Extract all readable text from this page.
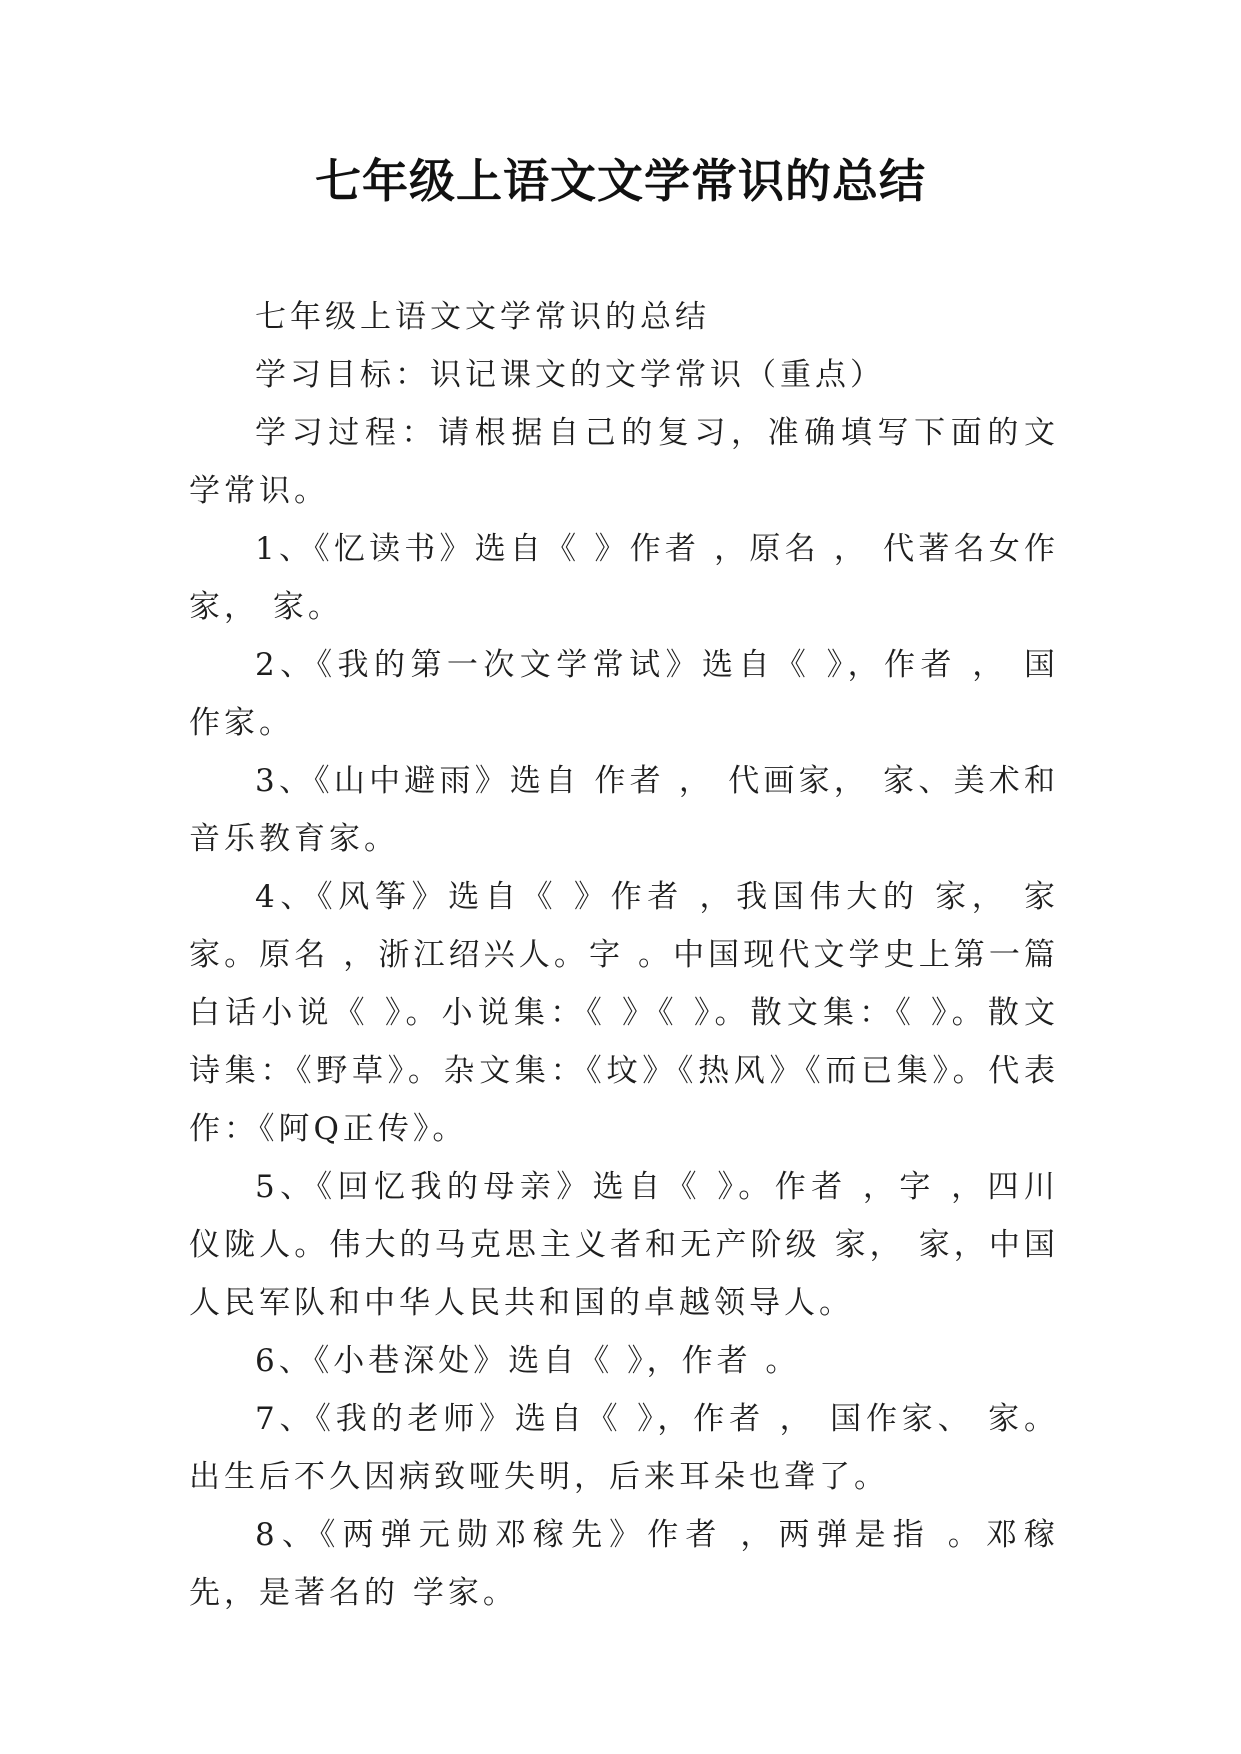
七年级上语文文学常识的总结

七年级上语文文学常识的总结

学习目标：识记课文的文学常识（重点）

学习过程：请根据自己的复习，准确填写下面的文学常识。

1、《忆读书》选自《 》作者 ，原名 ， 代著名女作家， 家。

2、《我的第一次文学常试》选自《 》，作者 ， 国作家。

3、《山中避雨》选自 作者 ， 代画家， 家、美术和音乐教育家。

4、《风筝》选自《 》作者 ，我国伟大的 家， 家 家。原名 ，浙江绍兴人。字 。中国现代文学史上第一篇白话小说《 》。小说集：《 》《 》。散文集：《 》。散文诗集：《野草》。杂文集：《坟》《热风》《而已集》。代表作：《阿Q正传》。

5、《回忆我的母亲》选自《 》。作者 ，字 ，四川仪陇人。伟大的马克思主义者和无产阶级 家， 家，中国人民军队和中华人民共和国的卓越领导人。

6、《小巷深处》选自《 》，作者 。

7、《我的老师》选自《 》，作者 ， 国作家、 家。出生后不久因病致哑失明，后来耳朵也聋了。

8、《两弹元勋邓稼先》作者 ，两弹是指 。邓稼先，是著名的 学家。
